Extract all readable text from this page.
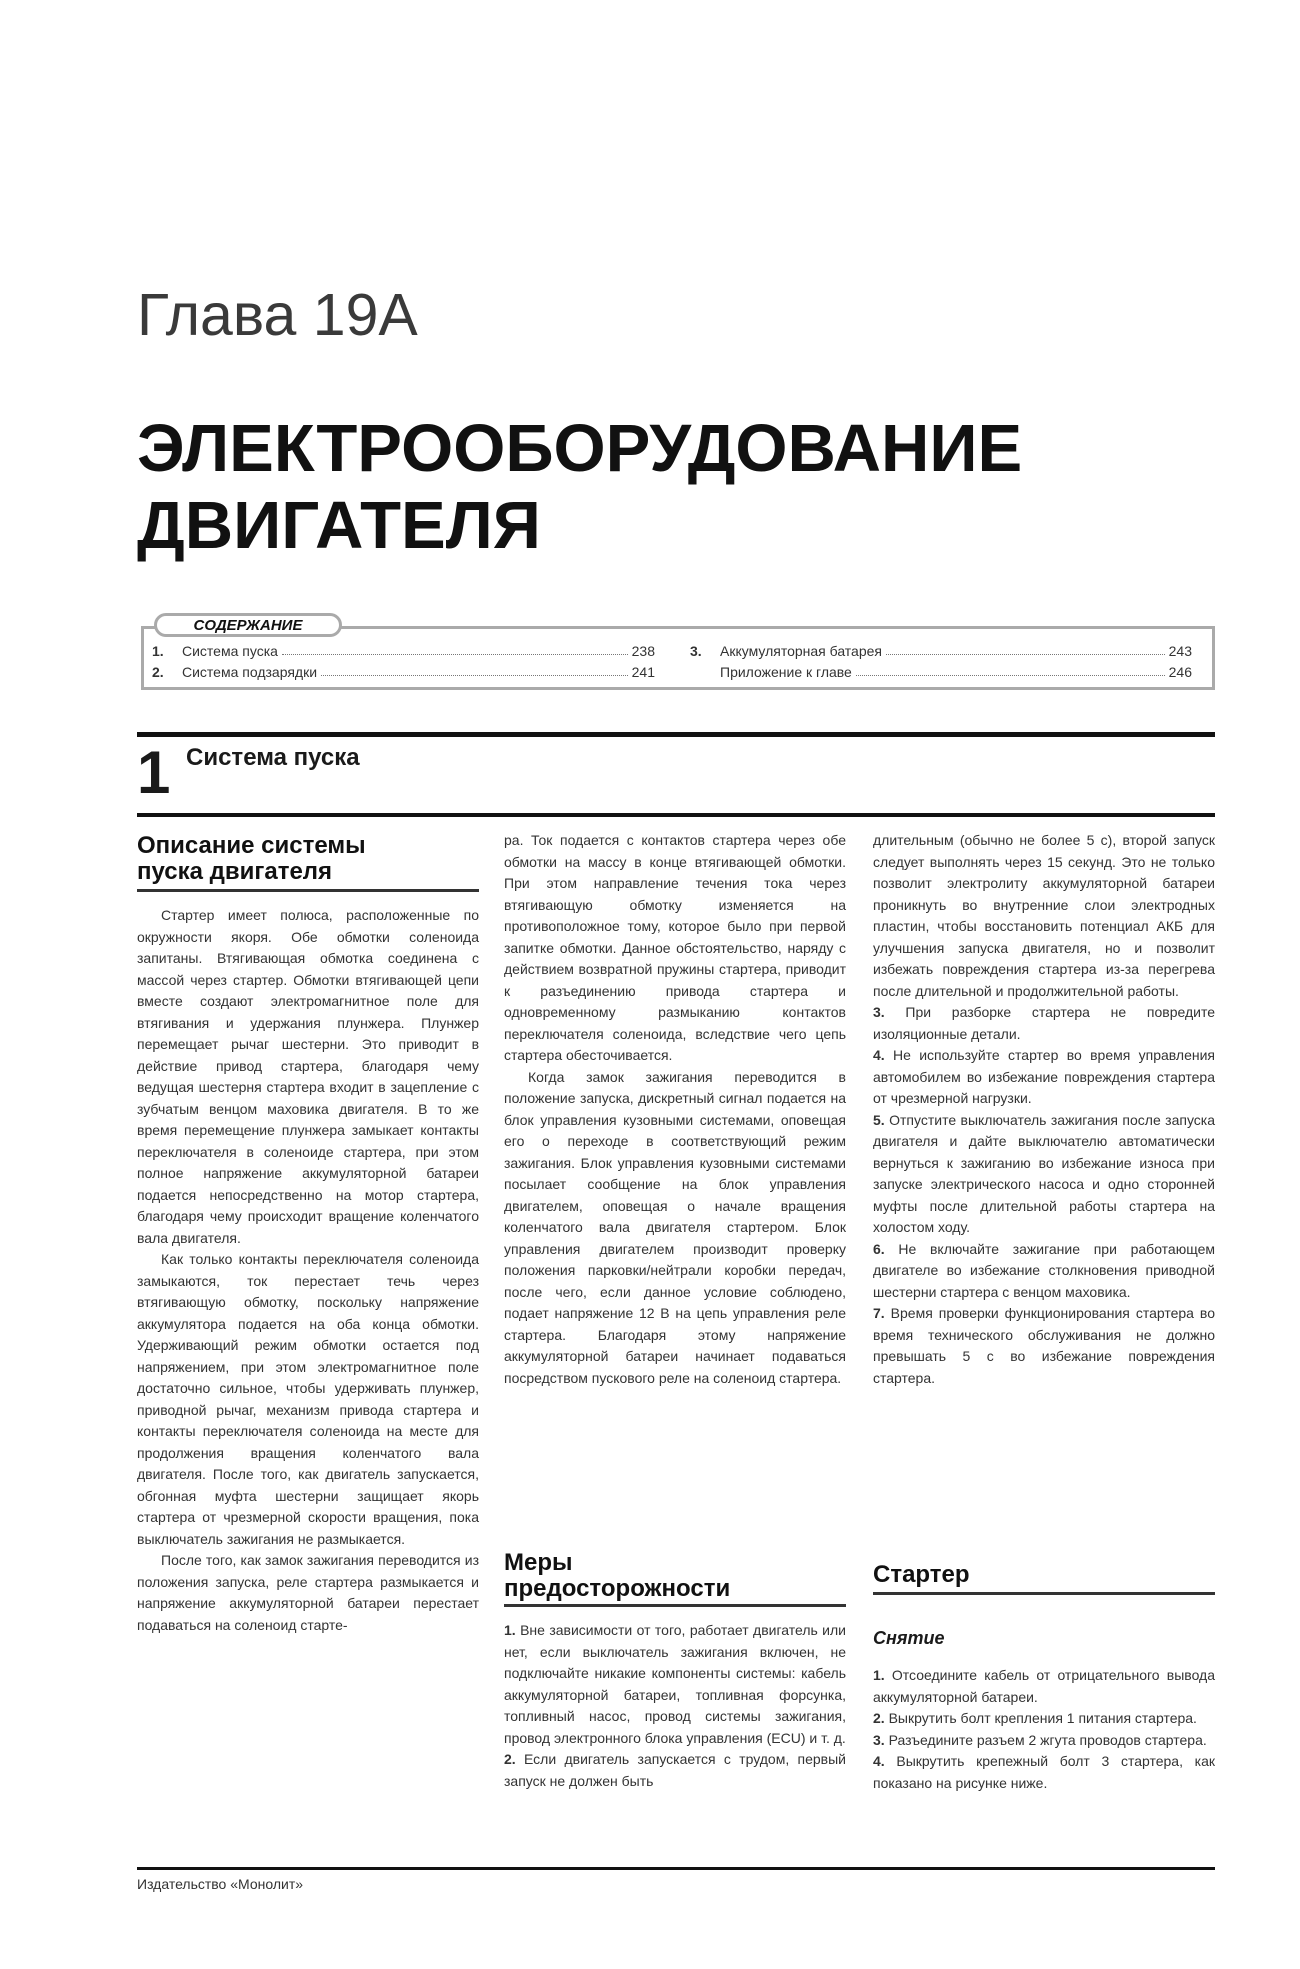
Глава 19А
ЭЛЕКТРООБОРУДОВАНИЕ
ДВИГАТЕЛЯ
СОДЕРЖАНИЕ
1.	Система пуска	238
2.	Система подзарядки	241
3.	Аккумуляторная батарея	243
Приложение к главе	246
1 Система пуска
Описание системы
пуска двигателя

Стартер имеет полюса, расположенные по окружности якоря. Обе обмотки соленоида запитаны. Втягивающая обмотка соединена с массой через стартер. Обмотки втягивающей цепи вместе создают электромагнитное поле для втягивания и удержания плунжера. Плунжер перемещает рычаг шестерни. Это приводит в действие привод стартера, благодаря чему ведущая шестерня стартера входит в зацепление с зубчатым венцом маховика двигателя. В то же время перемещение плунжера замыкает контакты переключателя в соленоиде стартера, при этом полное напряжение аккумуляторной батареи подается непосредственно на мотор стартера, благодаря чему происходит вращение коленчатого вала двигателя.

Как только контакты переключателя соленоида замыкаются, ток перестает течь через втягивающую обмотку, поскольку напряжение аккумулятора подается на оба конца обмотки. Удерживающий режим обмотки остается под напряжением, при этом электромагнитное поле достаточно сильное, чтобы удерживать плунжер, приводной рычаг, механизм привода стартера и контакты переключателя соленоида на месте для продолжения вращения коленчатого вала двигателя. После того, как двигатель запускается, обгонная муфта шестерни защищает якорь стартера от чрезмерной скорости вращения, пока выключатель зажигания не размыкается.

После того, как замок зажигания переводится из положения запуска, реле стартера размыкается и напряжение аккумуляторной батареи перестает подаваться на соленоид старте-

ра. Ток подается с контактов стартера через обе обмотки на массу в конце втягивающей обмотки. При этом направление течения тока через втягивающую обмотку изменяется на противоположное тому, которое было при первой запитке обмотки. Данное обстоятельство, наряду с действием возвратной пружины стартера, приводит к разъединению привода стартера и одновременному размыканию контактов переключателя соленоида, вследствие чего цепь стартера обесточивается.

Когда замок зажигания переводится в положение запуска, дискретный сигнал подается на блок управления кузовными системами, оповещая его о переходе в соответствующий режим зажигания. Блок управления кузовными системами посылает сообщение на блок управления двигателем, оповещая о начале вращения коленчатого вала двигателя стартером. Блок управления двигателем производит проверку положения парковки/нейтрали коробки передач, после чего, если данное условие соблюдено, подает напряжение 12 В на цепь управления реле стартера. Благодаря этому напряжение аккумуляторной батареи начинает подаваться посредством пускового реле на соленоид стартера.

Меры
предосторожности

1. Вне зависимости от того, работает двигатель или нет, если выключатель зажигания включен, не подключайте никакие компоненты системы: кабель аккумуляторной батареи, топливная форсунка, топливный насос, провод системы зажигания, провод электронного блока управления (ECU) и т. д.

2. Если двигатель запускается с трудом, первый запуск не должен быть

длительным (обычно не более 5 с), второй запуск следует выполнять через 15 секунд. Это не только позволит электролиту аккумуляторной батареи проникнуть во внутренние слои электродных пластин, чтобы восстановить потенциал АКБ для улучшения запуска двигателя, но и позволит избежать повреждения стартера из-за перегрева после длительной и продолжительной работы.

3. При разборке стартера не повредите изоляционные детали.

4. Не используйте стартер во время управления автомобилем во избежание повреждения стартера от чрезмерной нагрузки.

5. Отпустите выключатель зажигания после запуска двигателя и дайте выключателю автоматически вернуться к зажиганию во избежание износа при запуске электрического насоса и одно сторонней муфты после длительной работы стартера на холостом ходу.

6. Не включайте зажигание при работающем двигателе во избежание столкновения приводной шестерни стартера с венцом маховика.

7. Время проверки функционирования стартера во время технического обслуживания не должно превышать 5 с во избежание повреждения стартера.

Стартер
Снятие

1. Отсоедините кабель от отрицательного вывода аккумуляторной батареи.

2. Выкрутить болт крепления 1 питания стартера.

3. Разъедините разъем 2 жгута проводов стартера.

4. Выкрутить крепежный болт 3 стартера, как показано на рисунке ниже.

Издательство «Монолит»
